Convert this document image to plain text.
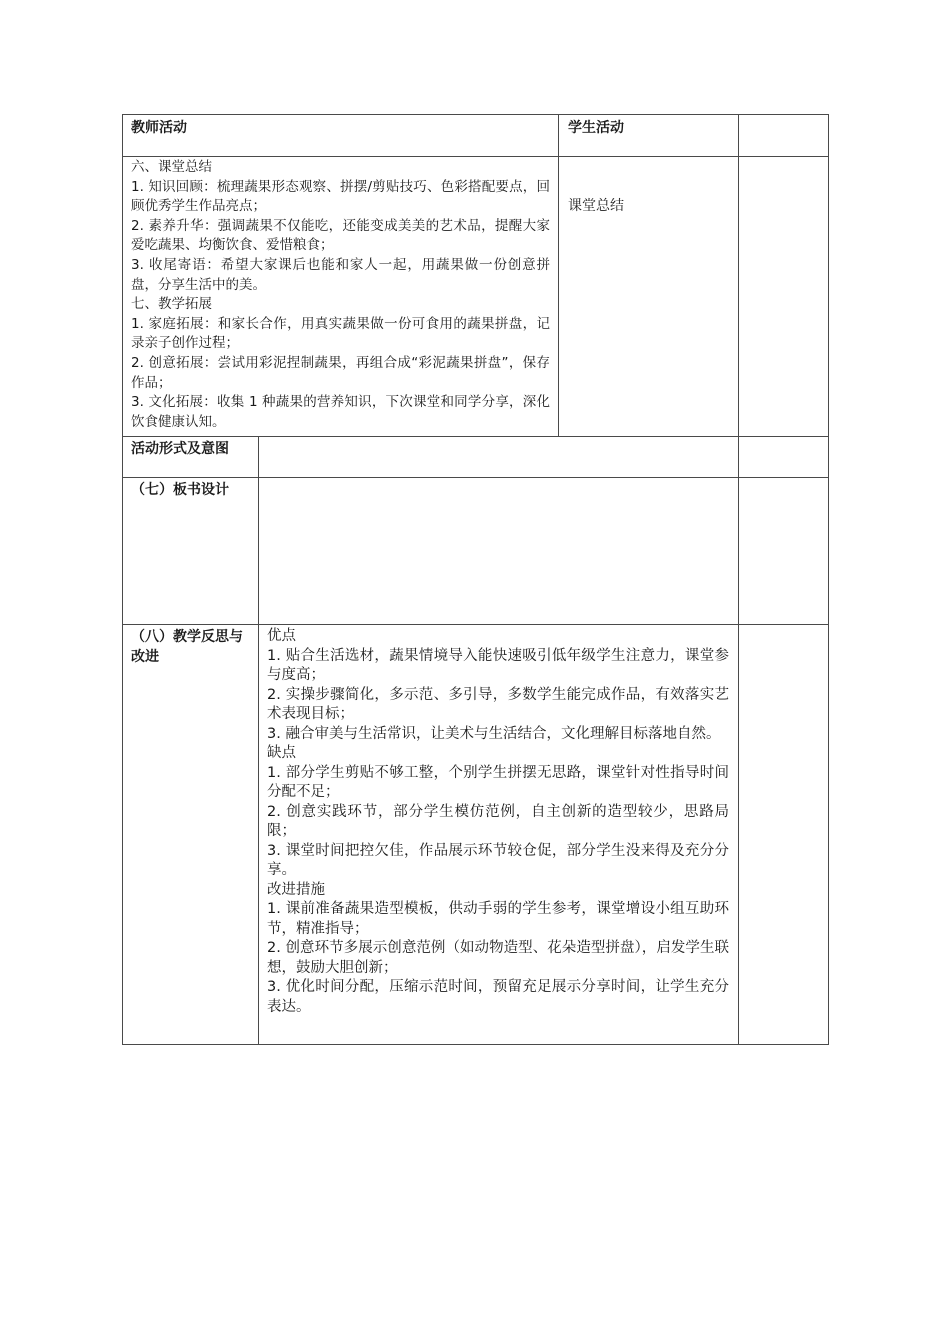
教师活动	学生活动

六、课堂总结

1. 知识回顾：梳理蔬果形态观察、拼摆/剪贴技巧、色彩搭配要点，回顾优秀学生作品亮点；

2. 素养升华：强调蔬果不仅能吃，还能变成美美的艺术品，提醒大家爱吃蔬果、均衡饮食、爱惜粮食；

3. 收尾寄语：希望大家课后也能和家人一起，用蔬果做一份创意拼盘，分享生活中的美。

七、教学拓展

1. 家庭拓展：和家长合作，用真实蔬果做一份可食用的蔬果拼盘，记录亲子创作过程；

2. 创意拓展：尝试用彩泥捏制蔬果，再组合成“彩泥蔬果拼盘”，保存作品；

3. 文化拓展：收集 1 种蔬果的营养知识，下次课堂和同学分享，深化饮食健康认知。

课堂总结
活动形式及意图
（七）板书设计
（八）教学反思与改进

优点

1. 贴合生活选材，蔬果情境导入能快速吸引低年级学生注意力，课堂参与度高；

2. 实操步骤简化，多示范、多引导，多数学生能完成作品，有效落实艺术表现目标；

3. 融合审美与生活常识，让美术与生活结合，文化理解目标落地自然。

缺点

1. 部分学生剪贴不够工整，个别学生拼摆无思路，课堂针对性指导时间分配不足；

2. 创意实践环节，部分学生模仿范例，自主创新的造型较少，思路局限；

3. 课堂时间把控欠佳，作品展示环节较仓促，部分学生没来得及充分分享。

改进措施

1. 课前准备蔬果造型模板，供动手弱的学生参考，课堂增设小组互助环节，精准指导；

2. 创意环节多展示创意范例（如动物造型、花朵造型拼盘），启发学生联想，鼓励大胆创新；

3. 优化时间分配，压缩示范时间，预留充足展示分享时间，让学生充分表达。
